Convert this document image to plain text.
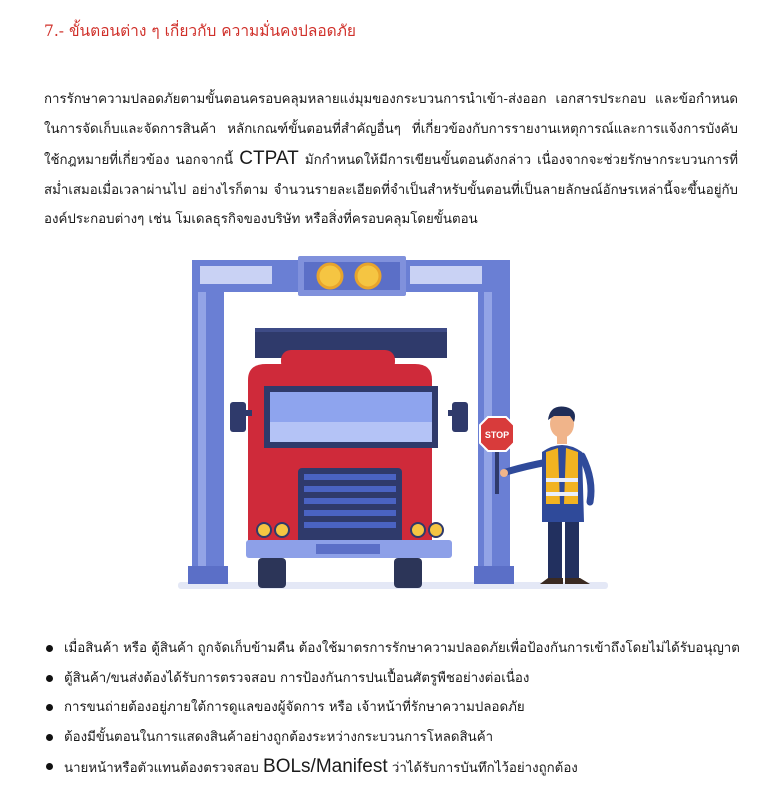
7.- ขั้นตอนต่าง ๆ เกี่ยวกับ ความมั่นคงปลอดภัย

การรักษาความปลอดภัยตามขั้นตอนครอบคลุมหลายแง่มุมของกระบวนการนำเข้า-ส่งออก เอกสารประกอบ และข้อกำหนดในการจัดเก็บและจัดการสินค้า หลักเกณฑ์ขั้นตอนที่สำคัญอื่นๆ ที่เกี่ยวข้องกับการรายงานเหตุการณ์และการแจ้งการบังคับใช้กฎหมายที่เกี่ยวข้อง นอกจากนี้ CTPAT มักกำหนดให้มีการเขียนขั้นตอนดังกล่าว เนื่องจากจะช่วยรักษากระบวนการที่สม่ำเสมอเมื่อเวลาผ่านไป อย่างไรก็ตาม จำนวนรายละเอียดที่จำเป็นสำหรับขั้นตอนที่เป็นลายลักษณ์อักษรเหล่านี้จะขึ้นอยู่กับองค์ประกอบต่างๆ เช่น โมเดลธุรกิจของบริษัท หรือสิ่งที่ครอบคลุมโดยขั้นตอน

STOP
เมื่อสินค้า หรือ ตู้สินค้า ถูกจัดเก็บข้ามคืน ต้องใช้มาตรการรักษาความปลอดภัยเพื่อป้องกันการเข้าถึงโดยไม่ได้รับอนุญาต
ตู้สินค้า/ขนส่งต้องได้รับการตรวจสอบ การป้องกันการปนเปื้อนศัตรูพืชอย่างต่อเนื่อง
การขนถ่ายต้องอยู่ภายใต้การดูแลของผู้จัดการ หรือ เจ้าหน้าที่รักษาความปลอดภัย
ต้องมีขั้นตอนในการแสดงสินค้าอย่างถูกต้องระหว่างกระบวนการโหลดสินค้า
นายหน้าหรือตัวแทนต้องตรวจสอบ BOLs/Manifest ว่าได้รับการบันทึกไว้อย่างถูกต้อง
